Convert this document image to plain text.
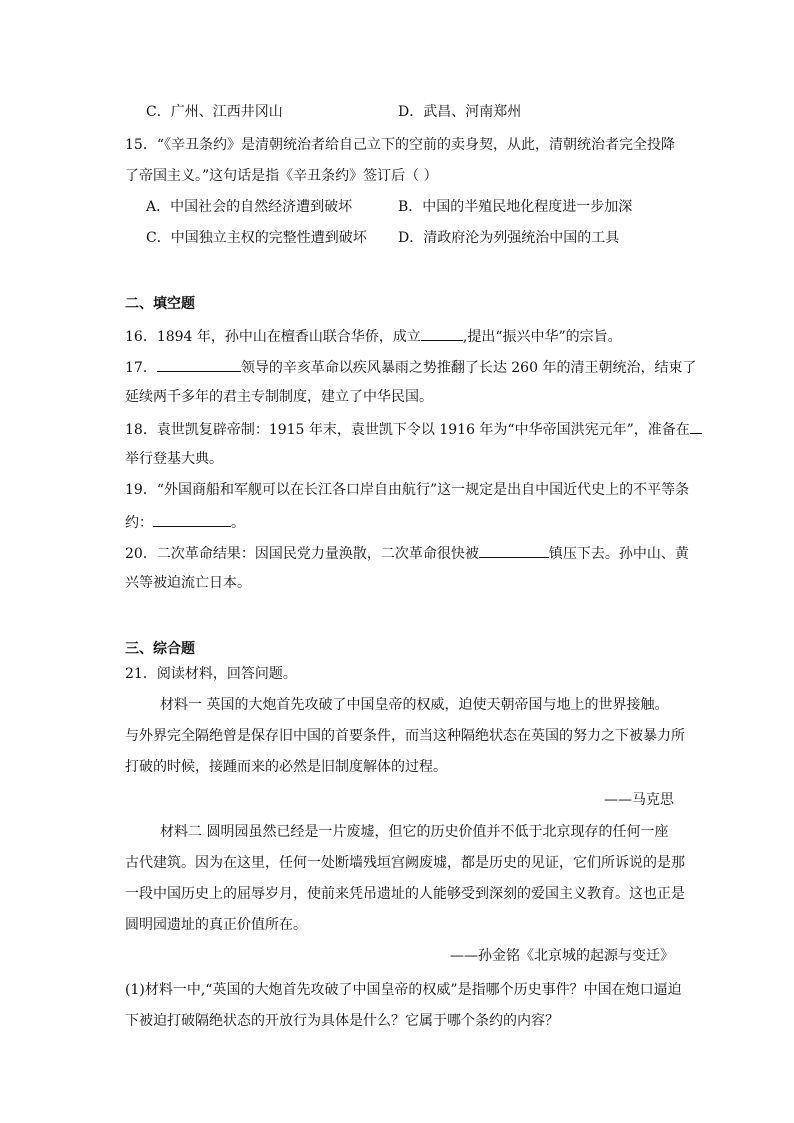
C．广州、江西井冈山	D．武昌、河南郑州
15．“《辛丑条约》是清朝统治者给自己立下的空前的卖身契，从此，清朝统治者完全投降
了帝国主义。”这句话是指《辛丑条约》签订后（ ）
A．中国社会的自然经济遭到破坏	B．中国的半殖民地化程度进一步加深
C．中国独立主权的完整性遭到破坏 D．清政府沦为列强统治中国的工具
二、填空题
16．1894 年，孙中山在檀香山联合华侨，成立	,提出“振兴中华”的宗旨。
17．	领导的辛亥革命以疾风暴雨之势推翻了长达 260 年的清王朝统治，结束了
延续两千多年的君主专制制度，建立了中华民国。
18．袁世凯复辟帝制：1915 年末，袁世凯下令以 1916 年为“中华帝国洪宪元年”，准备在
举行登基大典。
19．“外国商船和军舰可以在长江各口岸自由航行”这一规定是出自中国近代史上的不平等条
约：	。
20．二次革命结果：因国民党力量涣散，二次革命很快被	镇压下去。孙中山、黄
兴等被迫流亡日本。
三、综合题
21．阅读材料，回答问题。
材料一 英国的大炮首先攻破了中国皇帝的权威，迫使天朝帝国与地上的世界接触。
与外界完全隔绝曾是保存旧中国的首要条件，而当这种隔绝状态在英国的努力之下被暴力所
打破的时候，接踵而来的必然是旧制度解体的过程。
——马克思
材料二 圆明园虽然已经是一片废墟，但它的历史价值并不低于北京现存的任何一座
古代建筑。因为在这里，任何一处断墙残垣宫阙废墟，都是历史的见证，它们所诉说的是那
一段中国历史上的屈辱岁月，使前来凭吊遗址的人能够受到深刻的爱国主义教育。这也正是
圆明园遗址的真正价值所在。
——孙金铭《北京城的起源与变迁》
(1)材料一中,“英国的大炮首先攻破了中国皇帝的权威”是指哪个历史事件？中国在炮口逼迫
下被迫打破隔绝状态的开放行为具体是什么？它属于哪个条约的内容？
